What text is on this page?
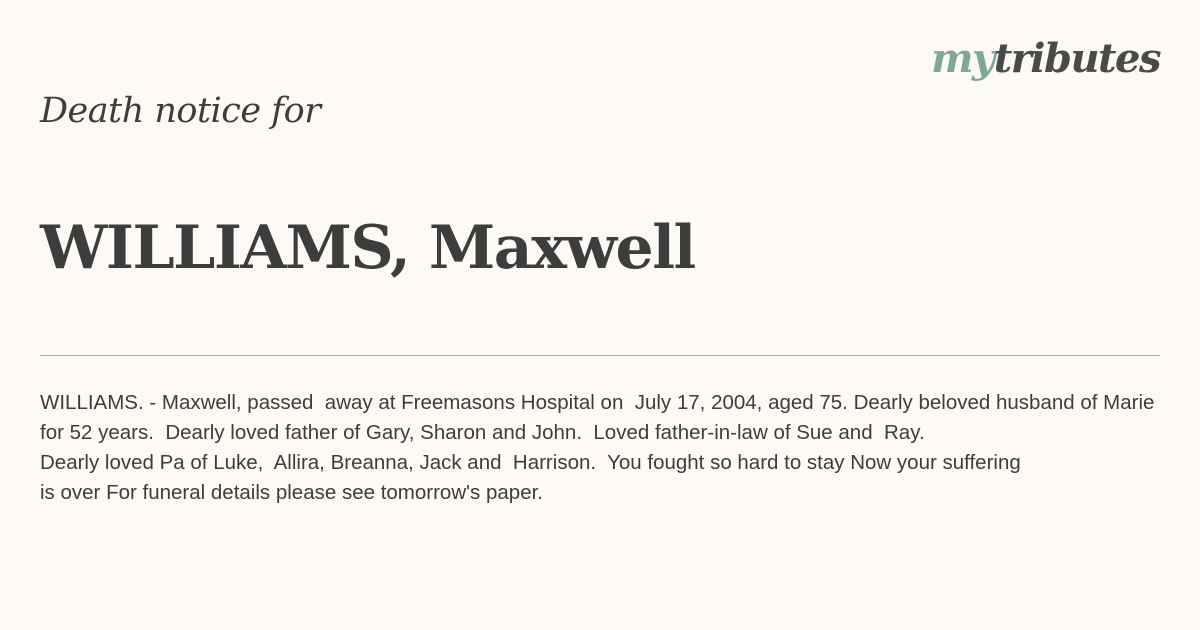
mytributes
Death notice for
WILLIAMS, Maxwell

WILLIAMS. - Maxwell, passed  away at Freemasons Hospital on  July 17, 2004, aged 75. Dearly beloved husband of Marie for 52 years.  Dearly loved father of Gary, Sharon and John.  Loved father-in-law of Sue and  Ray.
Dearly loved Pa of Luke,  Allira, Breanna, Jack and  Harrison.  You fought so hard to stay Now your suffering
is over For funeral details please see tomorrow's paper.
